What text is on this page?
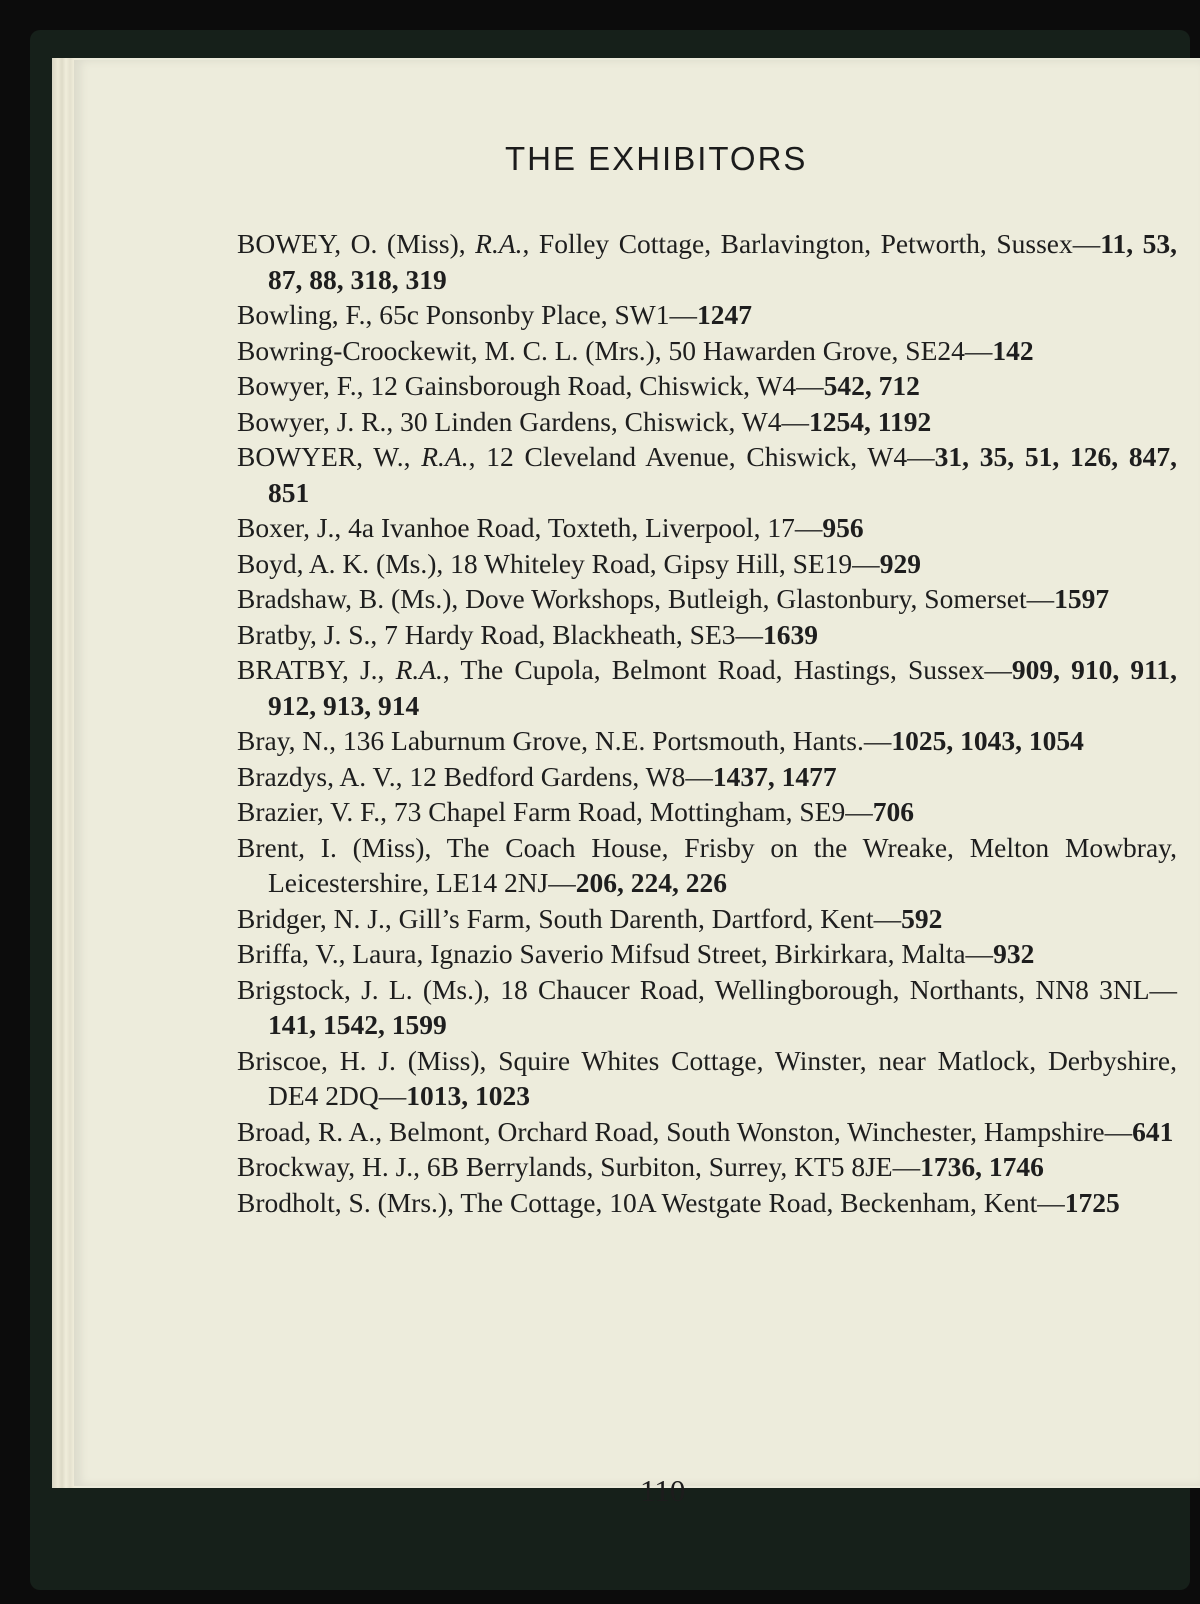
THE EXHIBITORS
BOWEY, O. (Miss), R.A., Folley Cottage, Barlavington, Petworth, Sussex—11, 53, 87, 88, 318, 319
Bowling, F., 65c Ponsonby Place, SW1—1247
Bowring-Croockewit, M. C. L. (Mrs.), 50 Hawarden Grove, SE24—142
Bowyer, F., 12 Gainsborough Road, Chiswick, W4—542, 712
Bowyer, J. R., 30 Linden Gardens, Chiswick, W4—1254, 1192
BOWYER, W., R.A., 12 Cleveland Avenue, Chiswick, W4—31, 35, 51, 126, 847, 851
Boxer, J., 4a Ivanhoe Road, Toxteth, Liverpool, 17—956
Boyd, A. K. (Ms.), 18 Whiteley Road, Gipsy Hill, SE19—929
Bradshaw, B. (Ms.), Dove Workshops, Butleigh, Glastonbury, Somerset—1597
Bratby, J. S., 7 Hardy Road, Blackheath, SE3—1639
BRATBY, J., R.A., The Cupola, Belmont Road, Hastings, Sussex—909, 910, 911, 912, 913, 914
Bray, N., 136 Laburnum Grove, N.E. Portsmouth, Hants.—1025, 1043, 1054
Brazdys, A. V., 12 Bedford Gardens, W8—1437, 1477
Brazier, V. F., 73 Chapel Farm Road, Mottingham, SE9—706
Brent, I. (Miss), The Coach House, Frisby on the Wreake, Melton Mowbray, Leicestershire, LE14 2NJ—206, 224, 226
Bridger, N. J., Gill’s Farm, South Darenth, Dartford, Kent—592
Briffa, V., Laura, Ignazio Saverio Mifsud Street, Birkirkara, Malta—932
Brigstock, J. L. (Ms.), 18 Chaucer Road, Wellingborough, Northants, NN8 3NL—141, 1542, 1599
Briscoe, H. J. (Miss), Squire Whites Cottage, Winster, near Matlock, Derbyshire, DE4 2DQ—1013, 1023
Broad, R. A., Belmont, Orchard Road, South Wonston, Winchester, Hampshire—641
Brockway, H. J., 6B Berrylands, Surbiton, Surrey, KT5 8JE—1736, 1746
Brodholt, S. (Mrs.), The Cottage, 10A Westgate Road, Beckenham, Kent—1725
110
